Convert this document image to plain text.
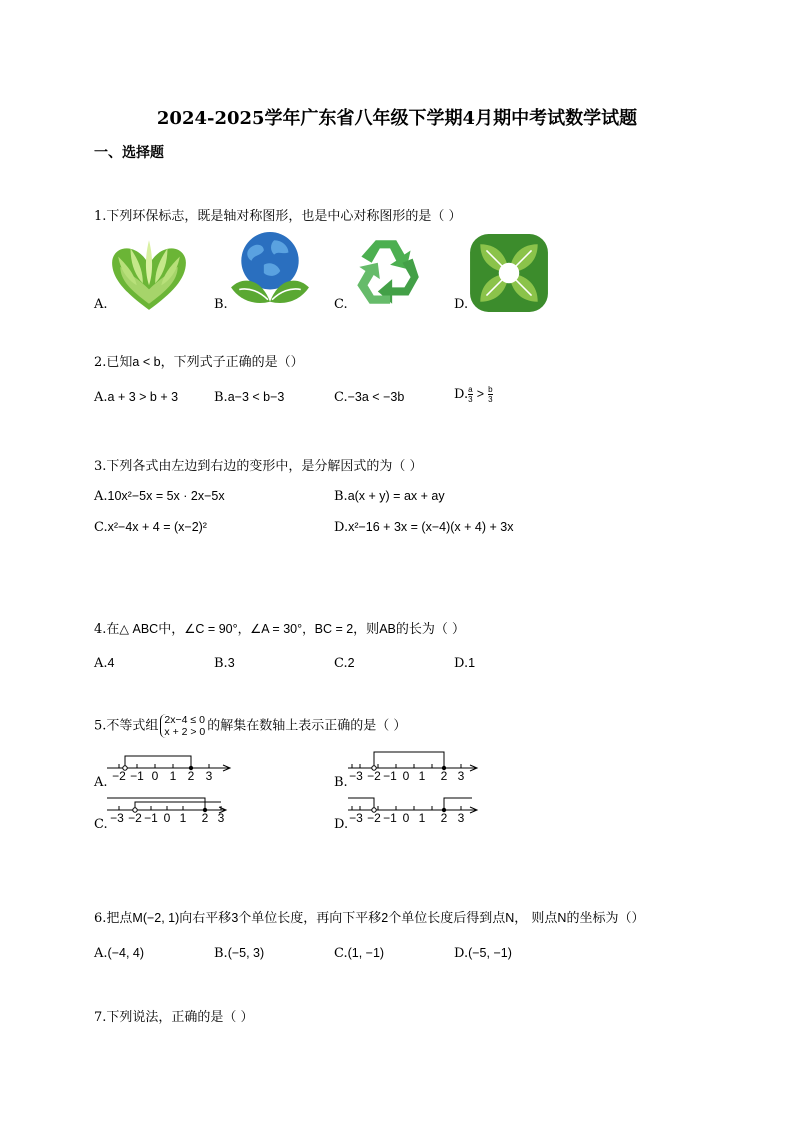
2024-2025学年广东省八年级下学期4月期中考试数学试题
一、选择题
1.下列环保标志，既是轴对称图形，也是中心对称图形的是（ ）
A.	B.	C.	D.
2.已知a < b，下列式子正确的是（）
A.a + 3 > b + 3	B.a−3 < b−3	C.−3a < −3b	D. $\frac{a}{3} > \frac{b}{3}$
3.下列各式由左边到右边的变形中，是分解因式的为（ ）
A.10x²−5x = 5x · 2x−5x	B.a(x + y) = ax + ay
C.x²−4x + 4 = (x−2)²	D.x²−16 + 3x = (x−4)(x + 4) + 3x
4.在△ ABC中，∠C = 90°，∠A = 30°，BC = 2，则AB的长为（ ）
A.4	B.3	C.2	D.1
5.不等式组 2x−4 ≤ 0
x + 2 > 0 的解集在数轴上表示正确的是（ ）
A. −2 −1 0 1 2 3	B. −3 −2 −1 0 1 2 3
C. −3 −2 −1 0 1 2 3	D. −3 −2 −1 0 1 2 3
6.把点M(−2, 1)向右平移3个单位长度，再向下平移2个单位长度后得到点N， 则点N的坐标为（）
A.(−4, 4)	B.(−5, 3)	C.(1, −1)	D.(−5, −1)
7.下列说法，正确的是（ ）
